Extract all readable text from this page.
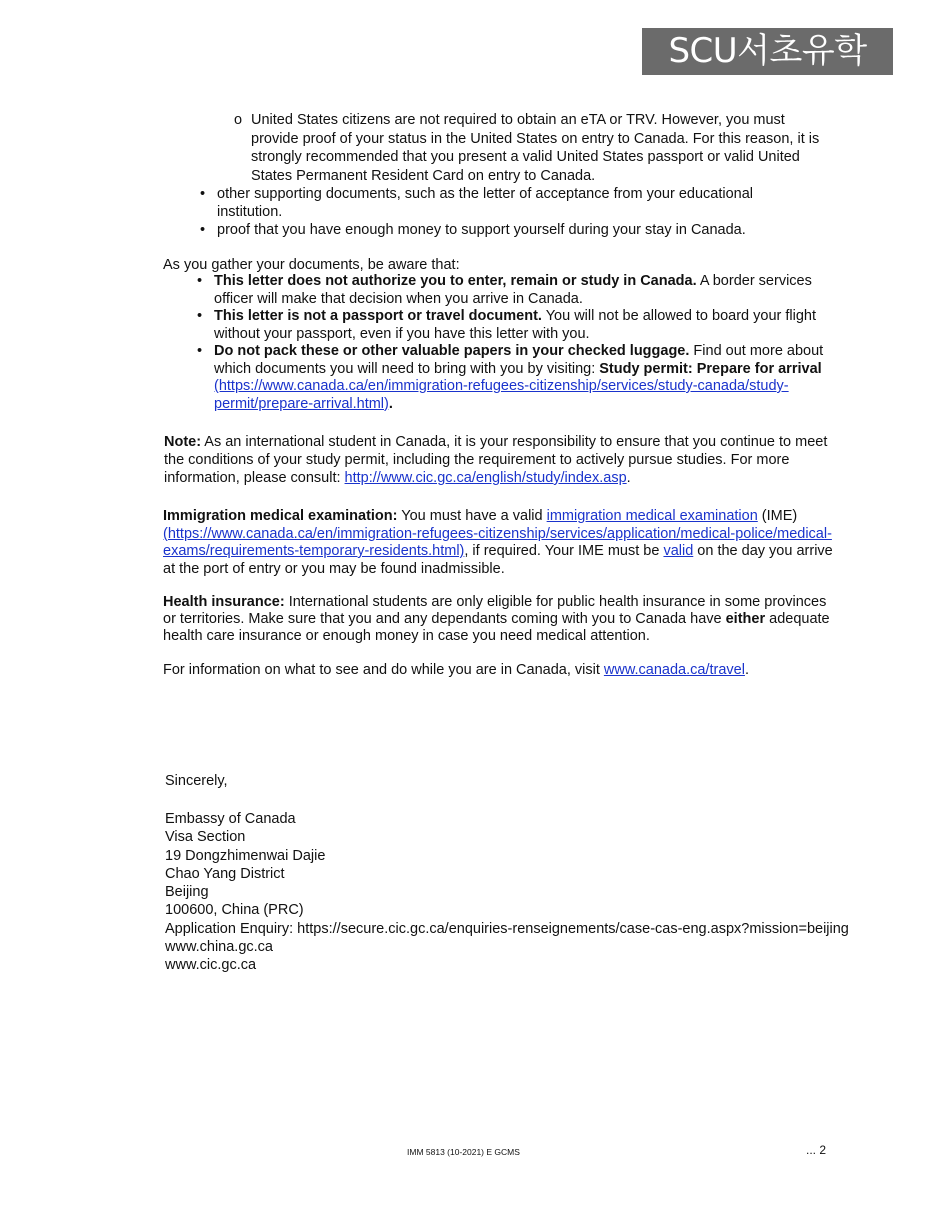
SCU서초유학
o United States citizens are not required to obtain an eTA or TRV. However, you must provide proof of your status in the United States on entry to Canada. For this reason, it is strongly recommended that you present a valid United States passport or valid United States Permanent Resident Card on entry to Canada.
• other supporting documents, such as the letter of acceptance from your educational institution.
• proof that you have enough money to support yourself during your stay in Canada.
As you gather your documents, be aware that:
• This letter does not authorize you to enter, remain or study in Canada. A border services officer will make that decision when you arrive in Canada.
• This letter is not a passport or travel document. You will not be allowed to board your flight without your passport, even if you have this letter with you.
• Do not pack these or other valuable papers in your checked luggage. Find out more about which documents you will need to bring with you by visiting: Study permit: Prepare for arrival (https://www.canada.ca/en/immigration-refugees-citizenship/services/study-canada/study-permit/prepare-arrival.html).
Note: As an international student in Canada, it is your responsibility to ensure that you continue to meet the conditions of your study permit, including the requirement to actively pursue studies. For more information, please consult: http://www.cic.gc.ca/english/study/index.asp.
Immigration medical examination: You must have a valid immigration medical examination (IME) (https://www.canada.ca/en/immigration-refugees-citizenship/services/application/medical-police/medical-exams/requirements-temporary-residents.html), if required. Your IME must be valid on the day you arrive at the port of entry or you may be found inadmissible.
Health insurance: International students are only eligible for public health insurance in some provinces or territories. Make sure that you and any dependants coming with you to Canada have either adequate health care insurance or enough money in case you need medical attention.
For information on what to see and do while you are in Canada, visit www.canada.ca/travel.
Sincerely,

Embassy of Canada

Visa Section

19 Dongzhimenwai Dajie

Chao Yang District

Beijing

100600, China (PRC)

Application Enquiry: https://secure.cic.gc.ca/enquiries-renseignements/case-cas-eng.aspx?mission=beijing

www.china.gc.ca

www.cic.gc.ca

IMM 5813 (10-2021) E GCMS	... 2
